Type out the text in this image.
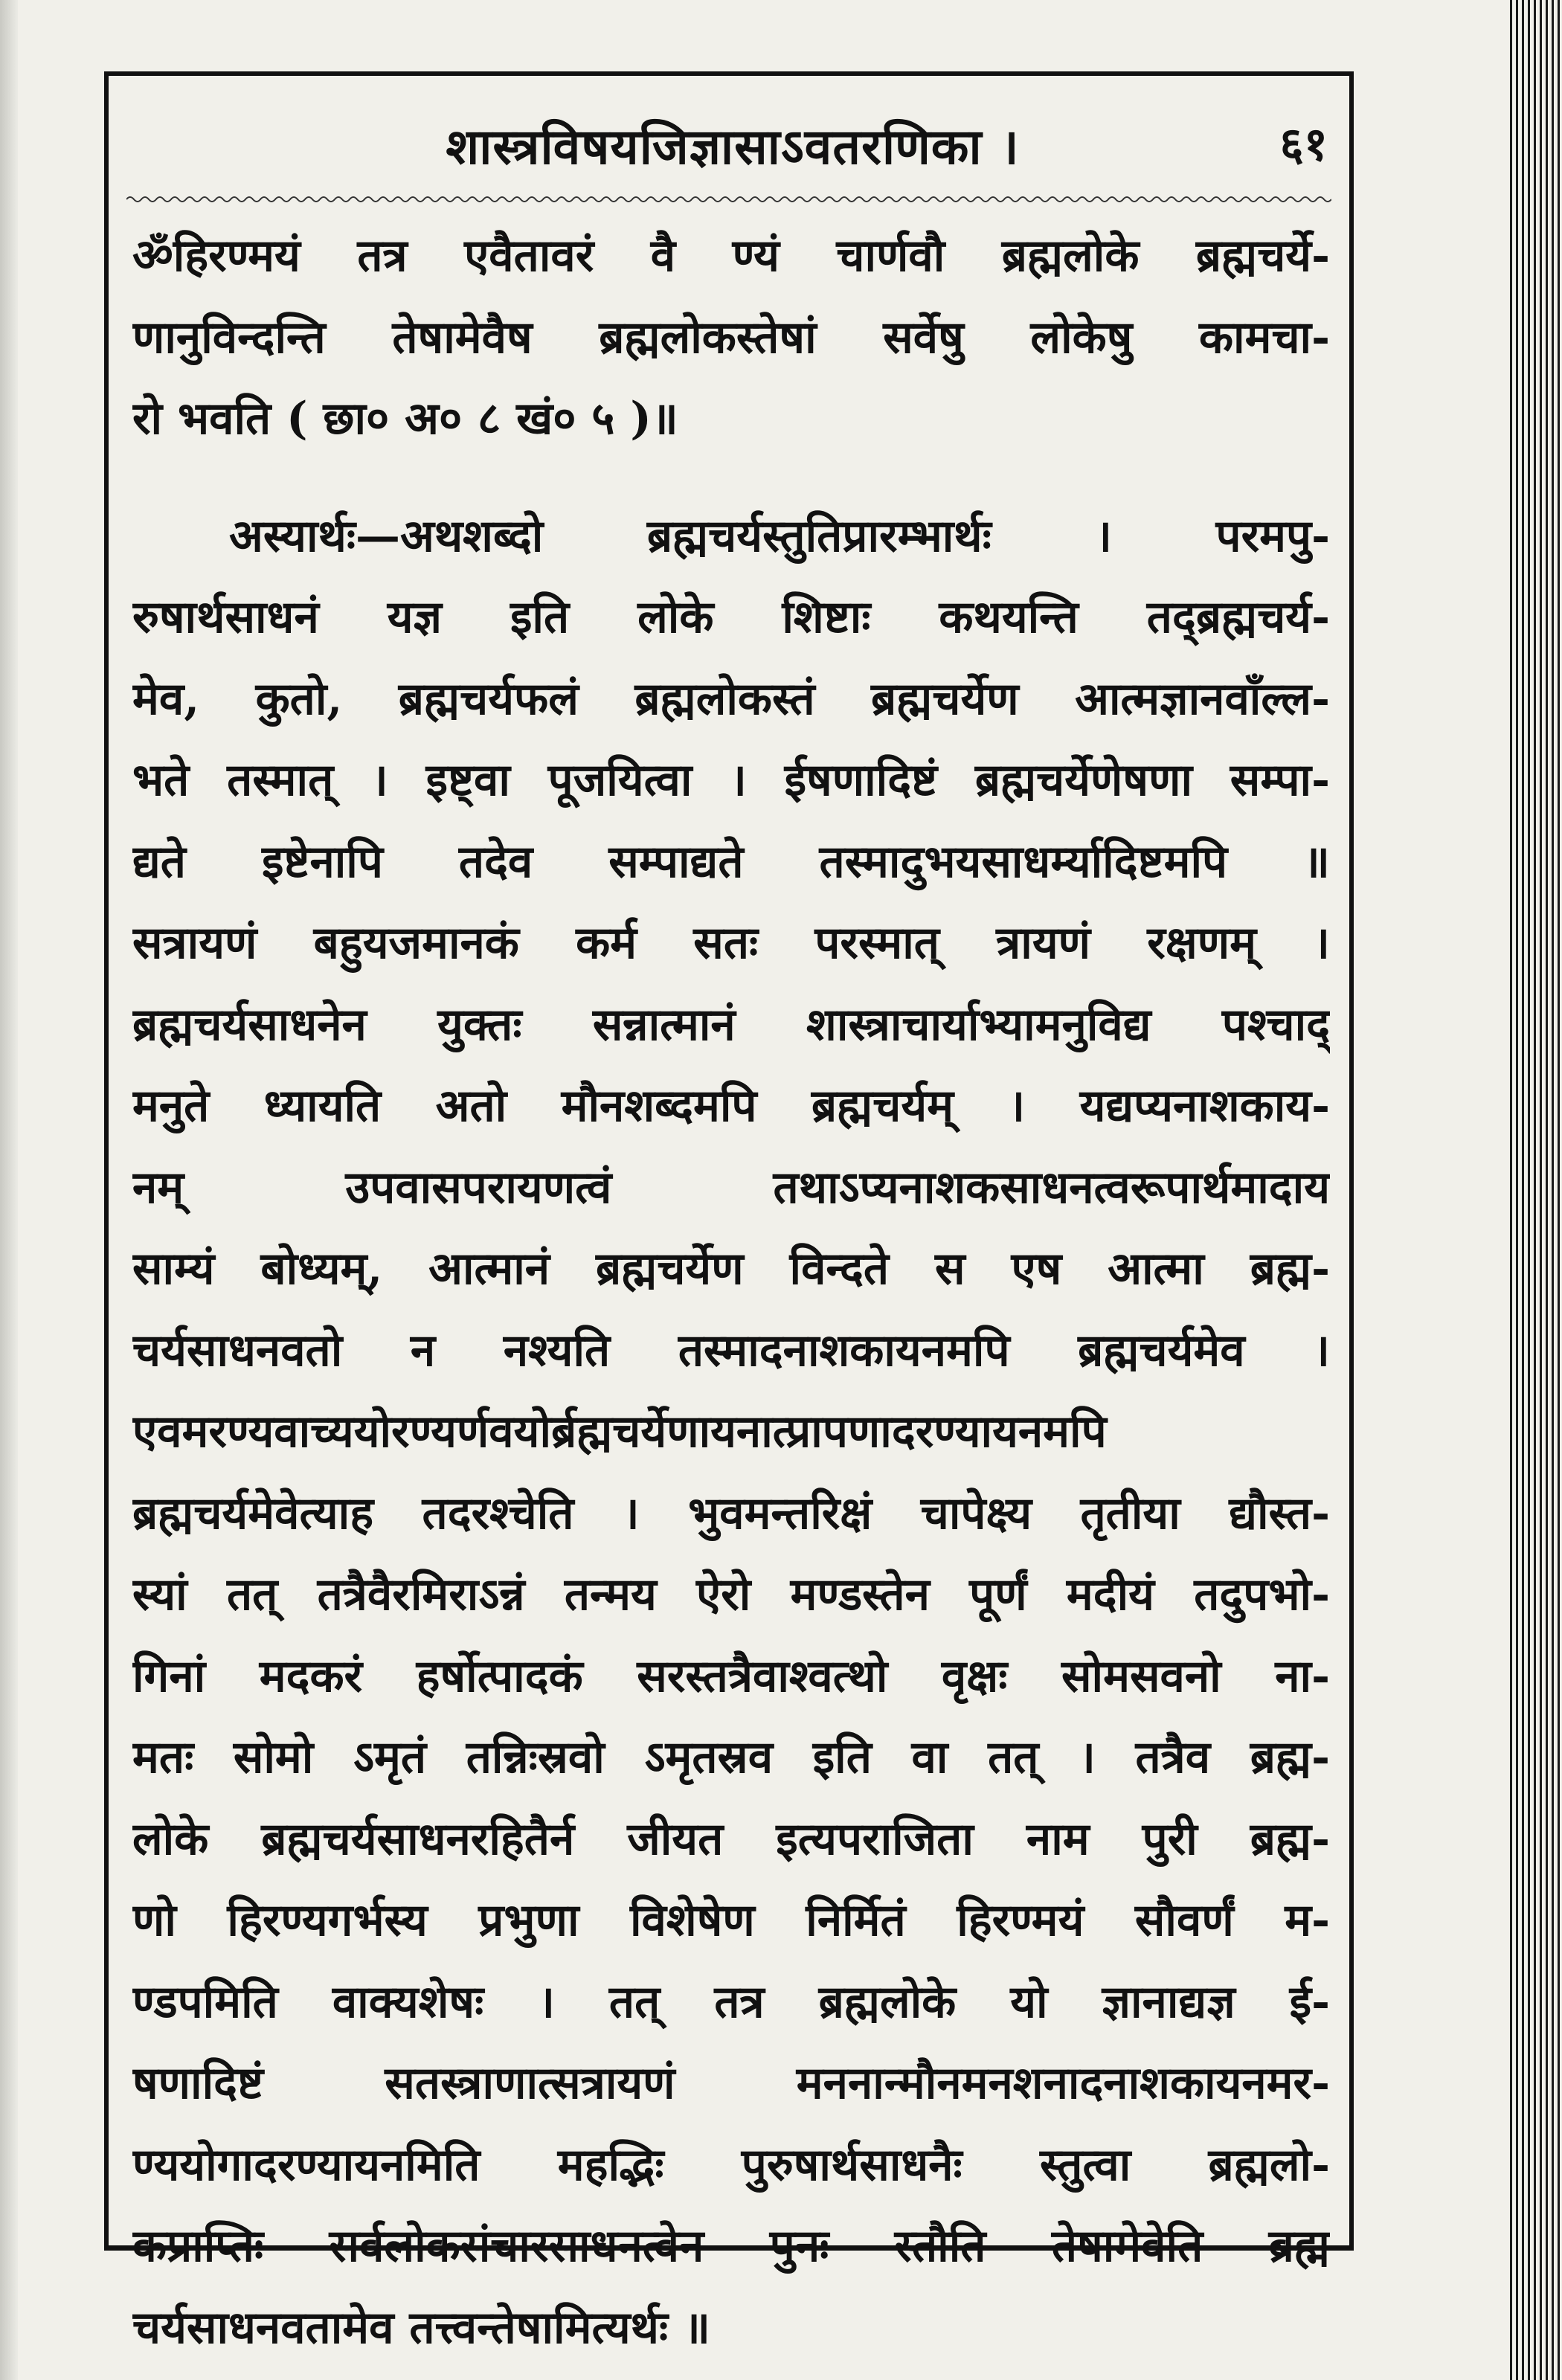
शास्त्रविषयजिज्ञासाऽवतरणिका ।	६१
ॐहिरण्मयं तत्र एवैतावरं वै ण्यं चार्णवौ ब्रह्मलोके ब्रह्मचर्ये-
णानुविन्दन्ति तेषामेवैष ब्रह्मलोकस्तेषां सर्वेषु लोकेषु कामचा-
रो भवति ( छा० अ० ८ खं० ५ )॥
अस्यार्थः—अथशब्दो ब्रह्मचर्यस्तुतिप्रारम्भार्थः । परमपु-
रुषार्थसाधनं यज्ञ इति लोके शिष्टाः कथयन्ति तद्ब्रह्मचर्य-
मेव, कुतो, ब्रह्मचर्यफलं ब्रह्मलोकस्तं ब्रह्मचर्येण आत्मज्ञानवाँल्ल-
भते तस्मात् । इष्ट्वा पूजयित्वा । ईषणादिष्टं ब्रह्मचर्येणेषणा सम्पा-
द्यते इष्टेनापि तदेव सम्पाद्यते तस्मादुभयसाधर्म्यादिष्टमपि ॥
सत्रायणं बहुयजमानकं कर्म सतः परस्मात् त्रायणं रक्षणम् ।
ब्रह्मचर्यसाधनेन युक्तः सन्नात्मानं शास्त्राचार्याभ्यामनुविद्य पश्चाद्
मनुते ध्यायति अतो मौनशब्दमपि ब्रह्मचर्यम् । यद्यप्यनाशकाय-
नम् उपवासपरायणत्वं तथाऽप्यनाशकसाधनत्वरूपार्थमादाय
साम्यं बोध्यम्, आत्मानं ब्रह्मचर्येण विन्दते स एष आत्मा ब्रह्म-
चर्यसाधनवतो न नश्यति तस्मादनाशकायनमपि ब्रह्मचर्यमेव ।
एवमरण्यवाच्ययोरण्यर्णवयोर्ब्रह्मचर्येणायनात्प्रापणादरण्यायनमपि
ब्रह्मचर्यमेवेत्याह तदरश्चेति । भुवमन्तरिक्षं चापेक्ष्य तृतीया द्यौस्त-
स्यां तत् तत्रैवैरमिराऽन्नं तन्मय ऐरो मण्डस्तेन पूर्णं मदीयं तदुपभो-
गिनां मदकरं हर्षोत्पादकं सरस्तत्रैवाश्वत्थो वृक्षः सोमसवनो ना-
मतः सोमो ऽमृतं तन्निःस्रवो ऽमृतस्रव इति वा तत् । तत्रैव ब्रह्म-
लोके ब्रह्मचर्यसाधनरहितैर्न जीयत इत्यपराजिता नाम पुरी ब्रह्म-
णो हिरण्यगर्भस्य प्रभुणा विशेषेण निर्मितं हिरण्मयं सौवर्णं म-
ण्डपमिति वाक्यशेषः । तत् तत्र ब्रह्मलोके यो ज्ञानाद्यज्ञ ई-
षणादिष्टं सतस्त्राणात्सत्रायणं मननान्मौनमनशनादनाशकायनमर-
ण्ययोगादरण्यायनमिति महद्भिः पुरुषार्थसाधनैः स्तुत्वा ब्रह्मलो-
कप्राप्तिः सर्वलोकसंचारसाधनत्वेन पुनः स्तौति तेषामेवेति ब्रह्म
चर्यसाधनवतामेव तत्त्वन्तेषामित्यर्थः ॥
